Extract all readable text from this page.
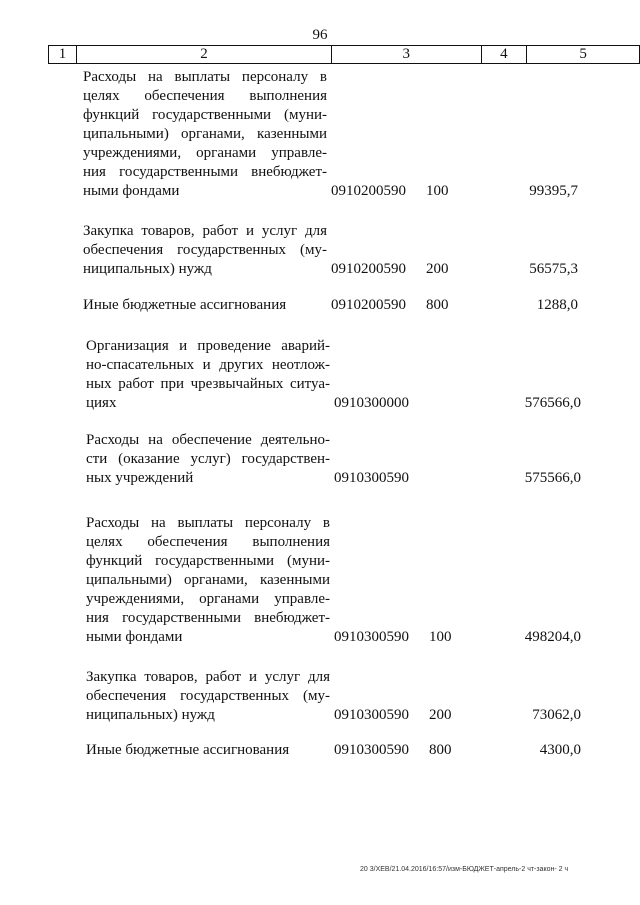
96
1	2	3	4	5
Расходы на выплаты персоналу в
целях обеспечения выполнения
функций государственными (муни-
ципальными) органами, казенными
учреждениями, органами управле-
ния государственными внебюджет-
ными фондами	0910200590 100	99395,7
Закупка товаров, работ и услуг для
обеспечения государственных (му-
ниципальных) нужд	0910200590 200	56575,3
Иные бюджетные ассигнования	0910200590 800	1288,0
Организация и проведение аварий-
но-спасательных и других неотлож-
ных работ при чрезвычайных ситуа-
циях	0910300000	576566,0
Расходы на обеспечение деятельно-
сти (оказание услуг) государствен-
ных учреждений	0910300590	575566,0
Расходы на выплаты персоналу в
целях обеспечения выполнения
функций государственными (муни-
ципальными) органами, казенными
учреждениями, органами управле-
ния государственными внебюджет-
ными фондами	0910300590 100	498204,0
Закупка товаров, работ и услуг для
обеспечения государственных (му-
ниципальных) нужд	0910300590 200	73062,0
Иные бюджетные ассигнования	0910300590 800	4300,0
20 3/ХЕВ/21.04.2016/16:57/изм-БЮДЖЕТ-апрель-2 чт-закон- 2 ч
